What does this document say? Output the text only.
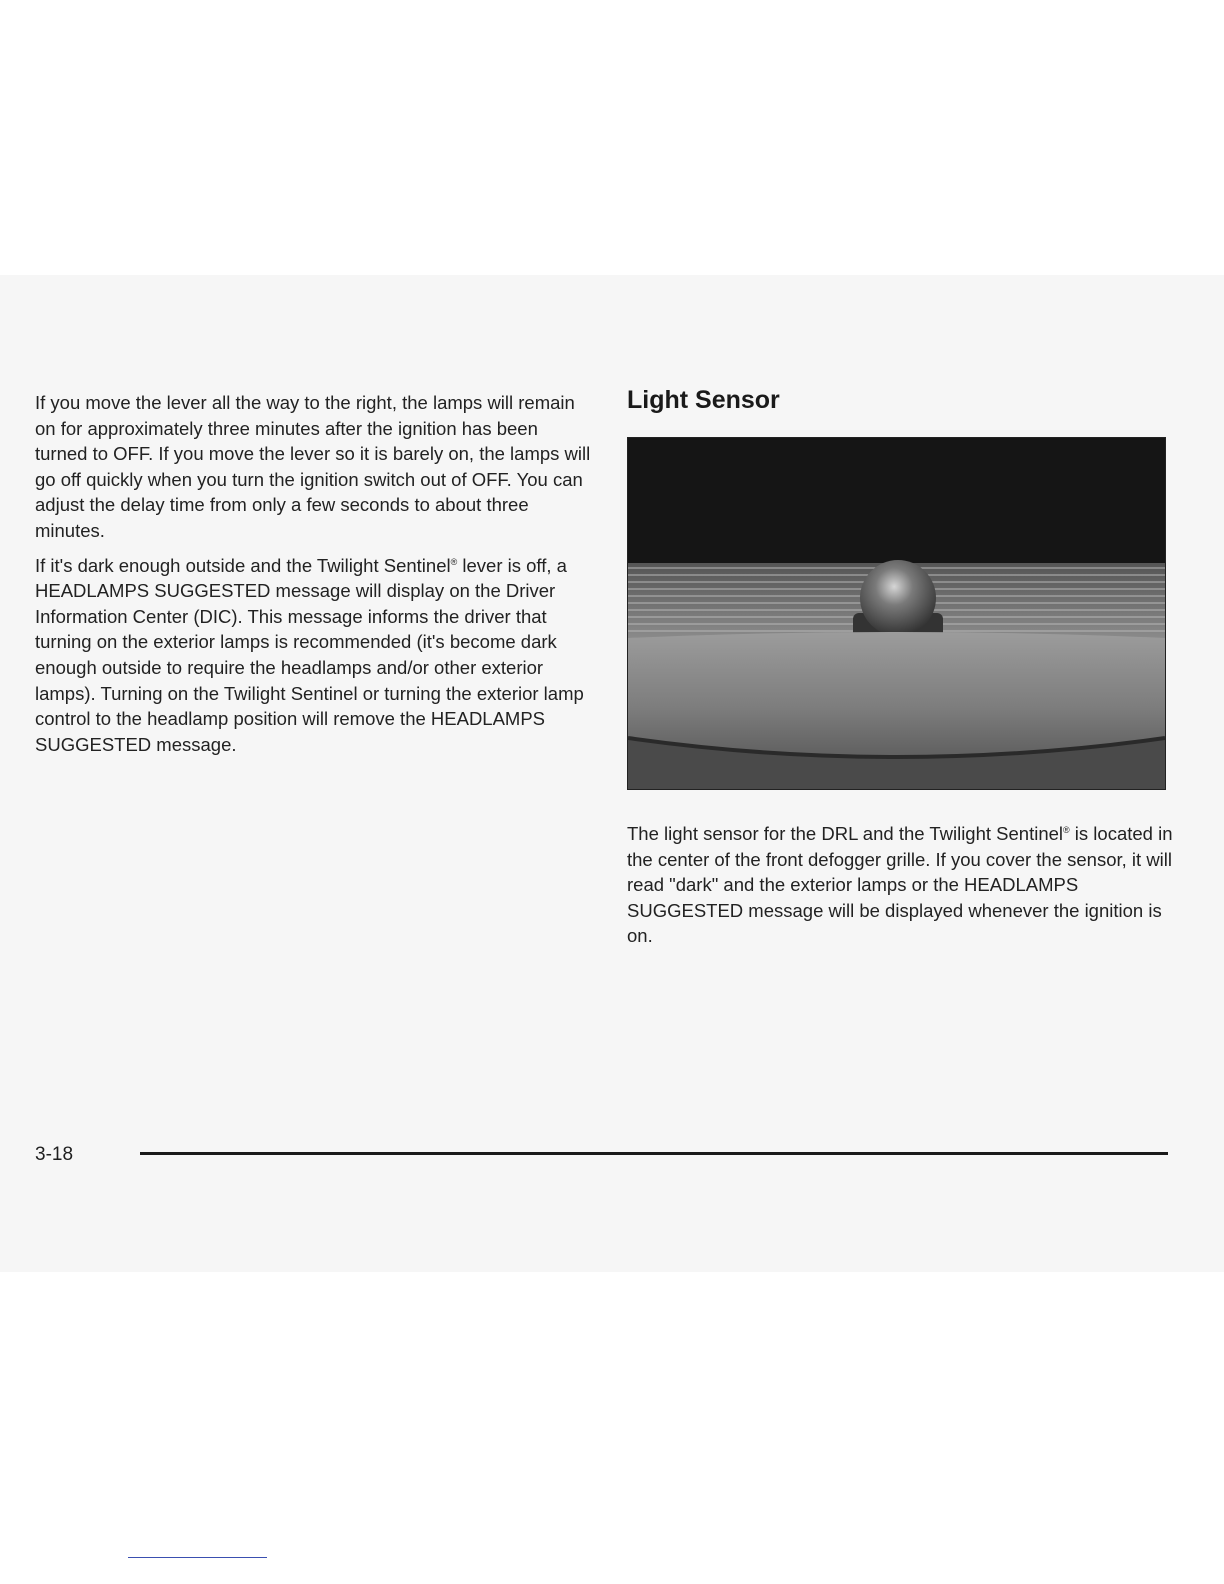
If you move the lever all the way to the right, the lamps will remain on for approximately three minutes after the ignition has been turned to OFF. If you move the lever so it is barely on, the lamps will go off quickly when you turn the ignition switch out of OFF. You can adjust the delay time from only a few seconds to about three minutes.

If it's dark enough outside and the Twilight Sentinel® lever is off, a HEADLAMPS SUGGESTED message will display on the Driver Information Center (DIC). This message informs the driver that turning on the exterior lamps is recommended (it's become dark enough outside to require the headlamps and/or other exterior lamps). Turning on the Twilight Sentinel or turning the exterior lamp control to the headlamp position will remove the HEADLAMPS SUGGESTED message.

Light Sensor

The light sensor for the DRL and the Twilight Sentinel® is located in the center of the front defogger grille. If you cover the sensor, it will read "dark" and the exterior lamps or the HEADLAMPS SUGGESTED message will be displayed whenever the ignition is on.

3-18
